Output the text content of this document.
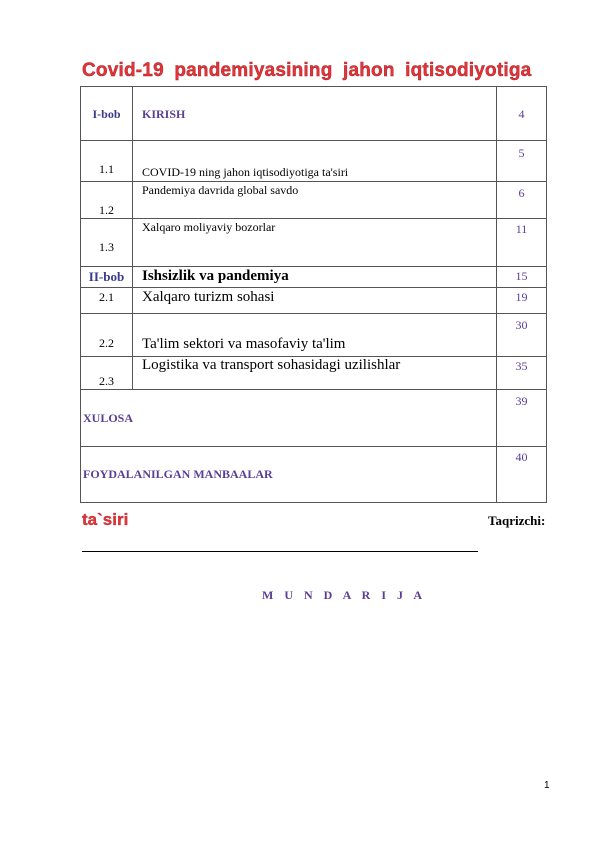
Covid-19 pandemiyasining jahon iqtisodiyotiga
I-bob	KIRISH	4

1.1	COVID-19 ning jahon iqtisodiyotiga ta'siri	5

1.2	Pandemiya davrida global savdo	6

1.3	Xalqaro moliyaviy bozorlar	11

II-bob	Ishsizlik va pandemiya	15

2.1	Xalqaro turizm sohasi	19

2.2	Ta'lim sektori va masofaviy ta'lim	30

2.3	Logistika va transport sohasidagi uzilishlar	35

XULOSA		39

FOYDALANILGAN MANBAALAR		40
ta`siri	Taqrizchi:
M U N D A R I J A
1
